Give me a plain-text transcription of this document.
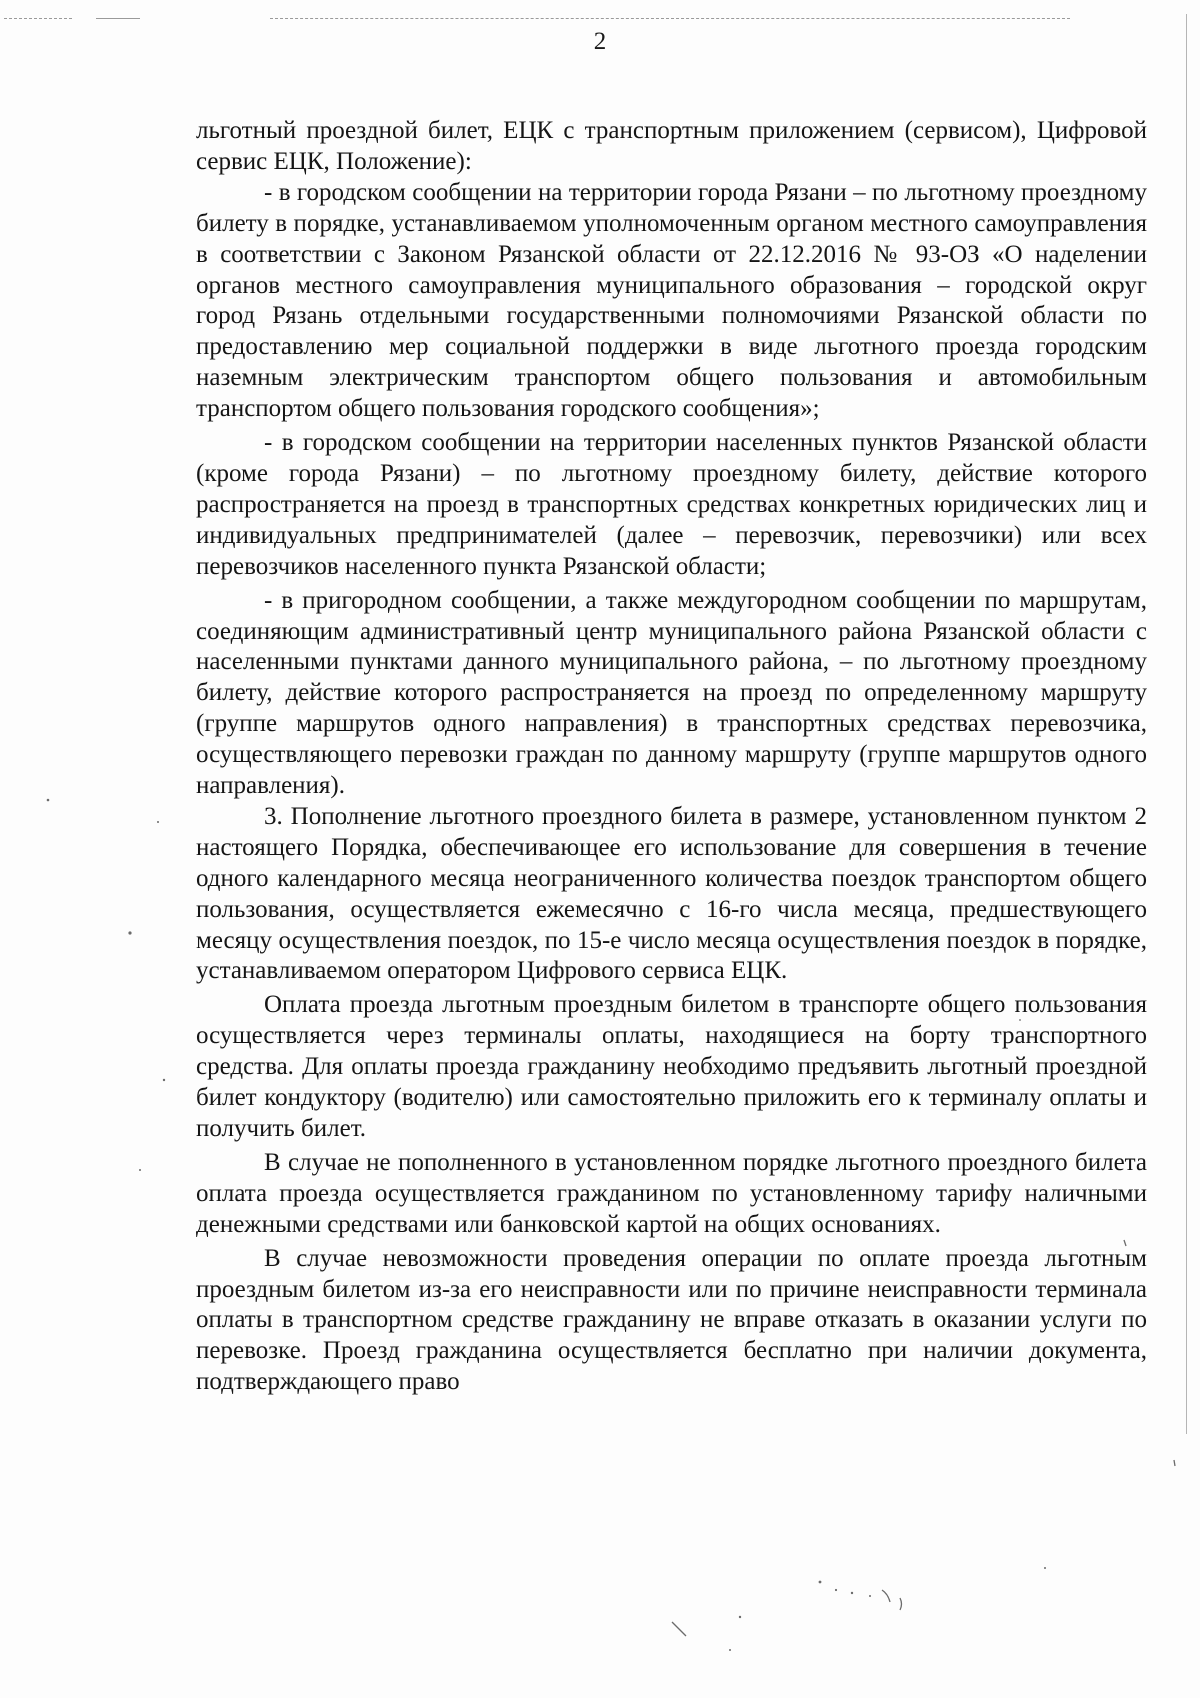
2

льготный проездной билет, ЕЦК с транспортным приложением (сервисом), Цифровой сервис ЕЦК, Положение):

- в городском сообщении на территории города Рязани – по льготному проездному билету в порядке, устанавливаемом уполномоченным органом местного самоуправления в соответствии с Законом Рязанской области от 22.12.2016 № 93-ОЗ «О наделении органов местного самоуправления муниципального образования – городской округ город Рязань отдельными государственными полномочиями Рязанской области по предоставлению мер социальной поддержки в виде льготного проезда городским наземным электрическим транспортом общего пользования и автомобильным транспортом общего пользования городского сообщения»;

- в городском сообщении на территории населенных пунктов Рязанской области (кроме города Рязани) – по льготному проездному билету, действие которого распространяется на проезд в транспортных средствах конкретных юридических лиц и индивидуальных предпринимателей (далее – перевозчик, перевозчики) или всех перевозчиков населенного пункта Рязанской области;

- в пригородном сообщении, а также междугородном сообщении по маршрутам, соединяющим административный центр муниципального района Рязанской области с населенными пунктами данного муниципального района, – по льготному проездному билету, действие которого распространяется на проезд по определенному маршруту (группе маршрутов одного направления) в транспортных средствах перевозчика, осуществляющего перевозки граждан по данному маршруту (группе маршрутов одного направления).

3. Пополнение льготного проездного билета в размере, установленном пунктом 2 настоящего Порядка, обеспечивающее его использование для совершения в течение одного календарного месяца неограниченного количества поездок транспортом общего пользования, осуществляется ежемесячно с 16-го числа месяца, предшествующего месяцу осуществления поездок, по 15-е число месяца осуществления поездок в порядке, устанавливаемом оператором Цифрового сервиса ЕЦК.

Оплата проезда льготным проездным билетом в транспорте общего пользования осуществляется через терминалы оплаты, находящиеся на борту транспортного средства. Для оплаты проезда гражданину необходимо предъявить льготный проездной билет кондуктору (водителю) или самостоятельно приложить его к терминалу оплаты и получить билет.

В случае не пополненного в установленном порядке льготного проездного билета оплата проезда осуществляется гражданином по установленному тарифу наличными денежными средствами или банковской картой на общих основаниях.

В случае невозможности проведения операции по оплате проезда льготным проездным билетом из-за его неисправности или по причине неисправности терминала оплаты в транспортном средстве гражданину не вправе отказать в оказании услуги по перевозке. Проезд гражданина осуществляется бесплатно при наличии документа, подтверждающего право
